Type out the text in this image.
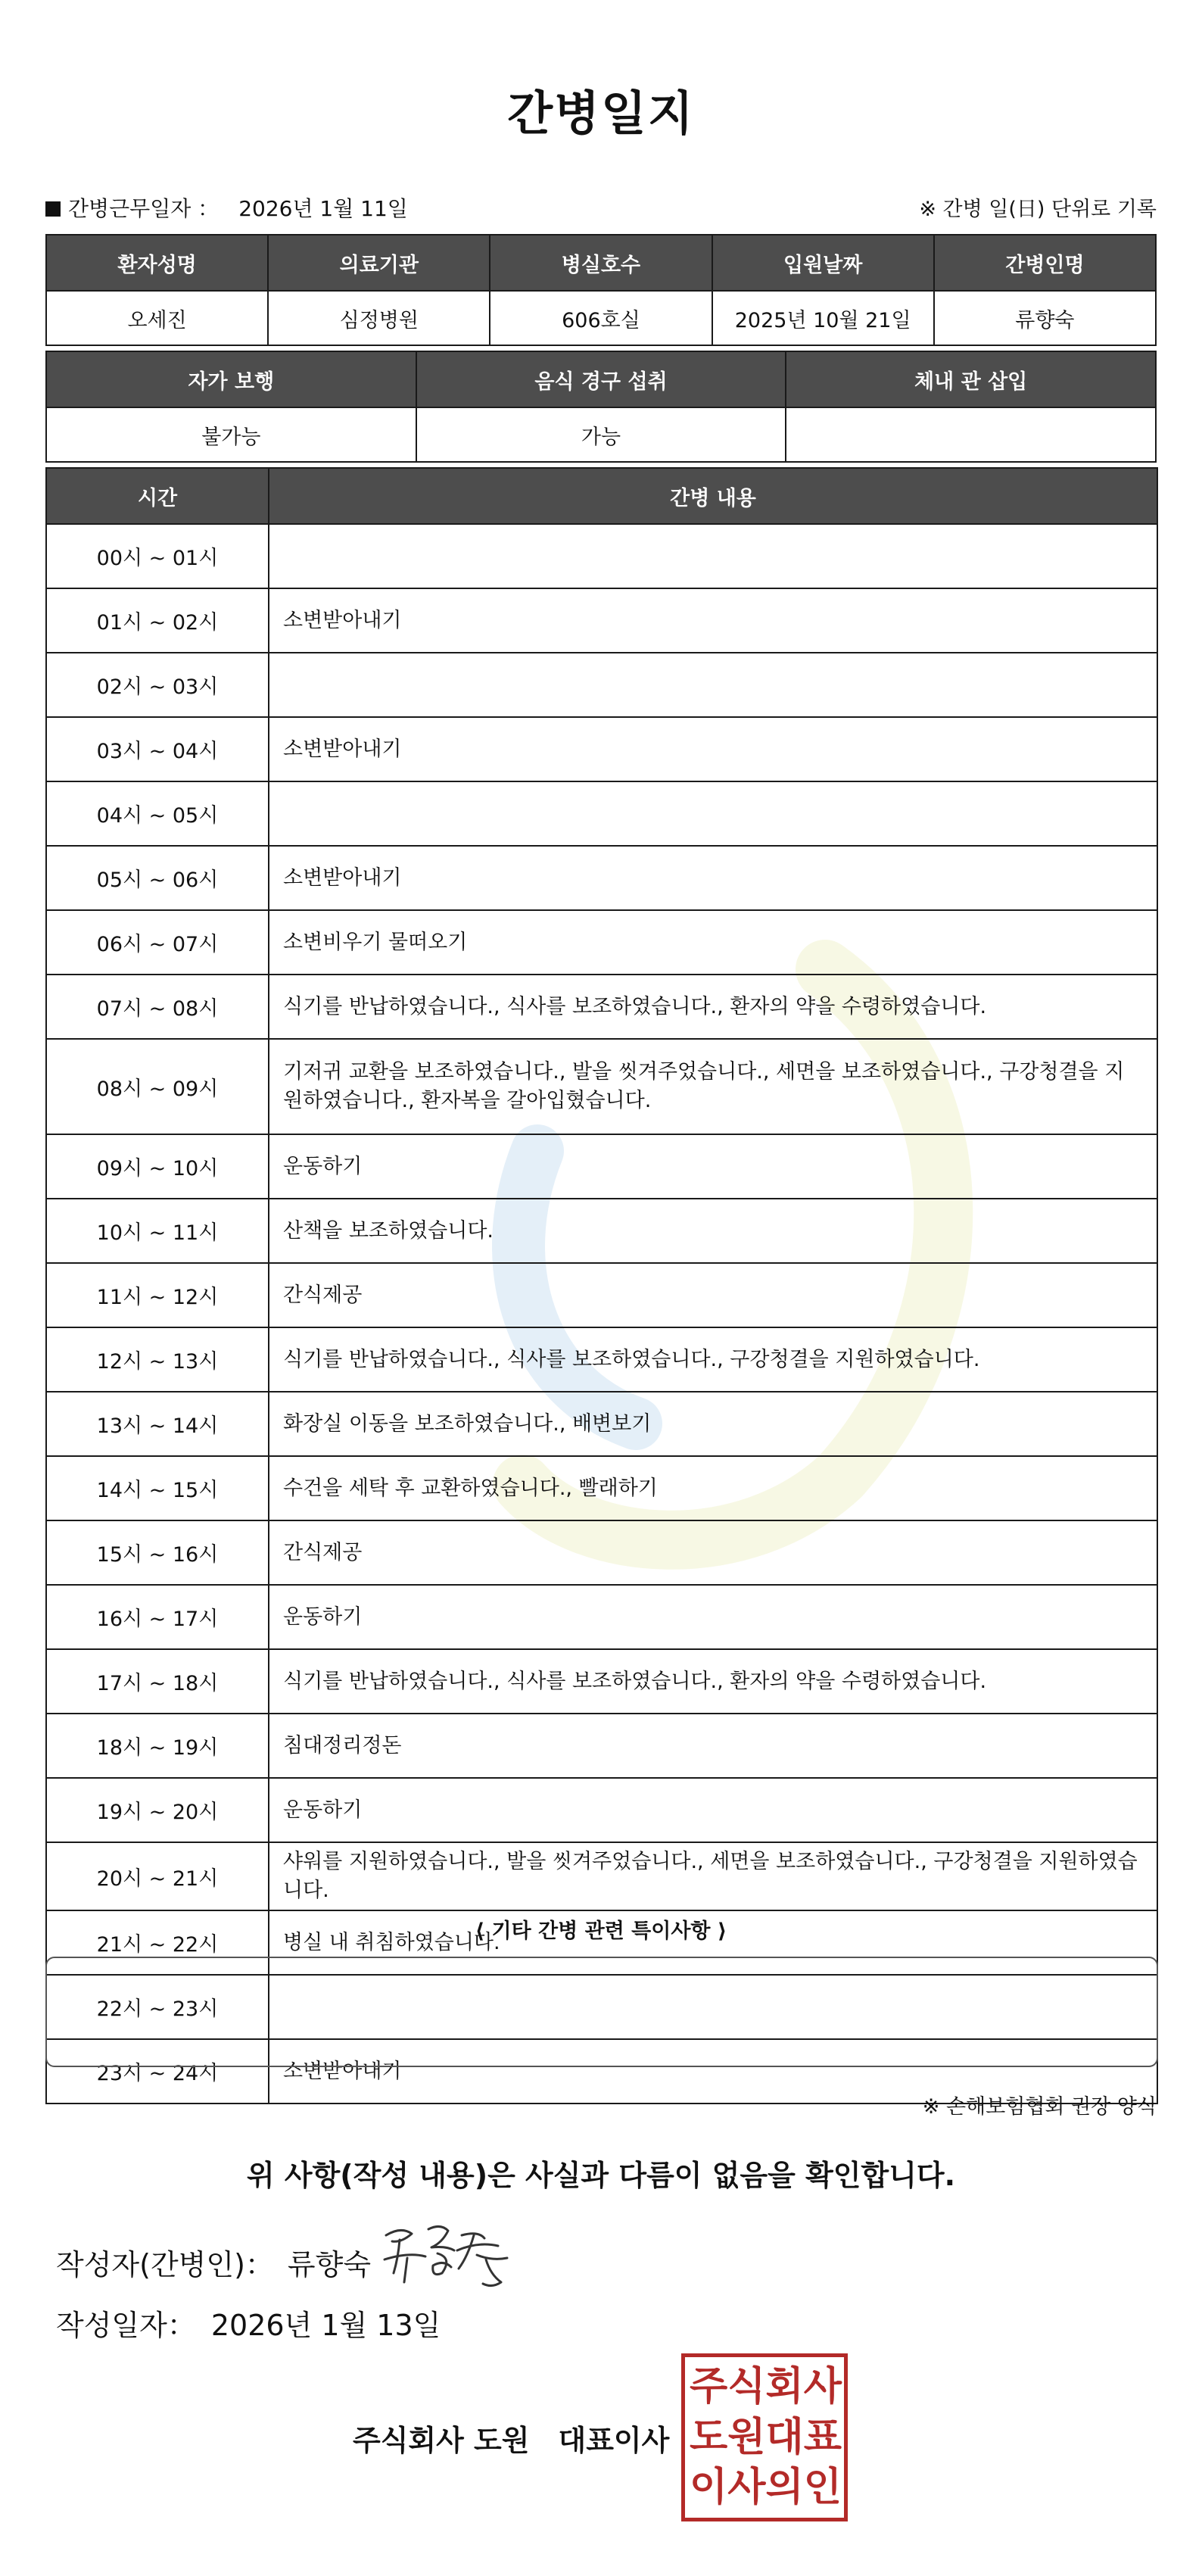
간병일지
간병근무일자 ： 2026년 1월 11일	※ 간병 일(日) 단위로 기록
환자성명	의료기관	병실호수	입원날짜	간병인명
오세진	심정병원	606호실	2025년 10월 21일	류향숙
자가 보행	음식 경구 섭취	체내 관 삽입
불가능	가능	
시간	간병 내용
00시 ~ 01시	
01시 ~ 02시	소변받아내기
02시 ~ 03시	
03시 ~ 04시	소변받아내기
04시 ~ 05시	
05시 ~ 06시	소변받아내기
06시 ~ 07시	소변비우기 물떠오기
07시 ~ 08시	식기를 반납하였습니다., 식사를 보조하였습니다., 환자의 약을 수령하였습니다.
08시 ~ 09시	기저귀 교환을 보조하였습니다., 발을 씻겨주었습니다., 세면을 보조하였습니다., 구강청결을 지원하였습니다., 환자복을 갈아입혔습니다.
09시 ~ 10시	운동하기
10시 ~ 11시	산책을 보조하였습니다.
11시 ~ 12시	간식제공
12시 ~ 13시	식기를 반납하였습니다., 식사를 보조하였습니다., 구강청결을 지원하였습니다.
13시 ~ 14시	화장실 이동을 보조하였습니다., 배변보기
14시 ~ 15시	수건을 세탁 후 교환하였습니다., 빨래하기
15시 ~ 16시	간식제공
16시 ~ 17시	운동하기
17시 ~ 18시	식기를 반납하였습니다., 식사를 보조하였습니다., 환자의 약을 수령하였습니다.
18시 ~ 19시	침대정리정돈
19시 ~ 20시	운동하기
20시 ~ 21시	샤워를 지원하였습니다., 발을 씻겨주었습니다., 세면을 보조하였습니다., 구강청결을 지원하였습니다.
21시 ~ 22시	병실 내 취침하였습니다.
22시 ~ 23시	
23시 ~ 24시	소변받아내기
⟨ 기타 간병 관련 특이사항 ⟩
※ 손해보험협회 권장 양식
위 사항(작성 내용)은 사실과 다름이 없음을 확인합니다.
작성자(간병인)： 류향숙
작성일자： 2026년 1월 13일
주식회사 도원 대표이사
주 식 회 사
도 원 대 표
이 사 의 인
